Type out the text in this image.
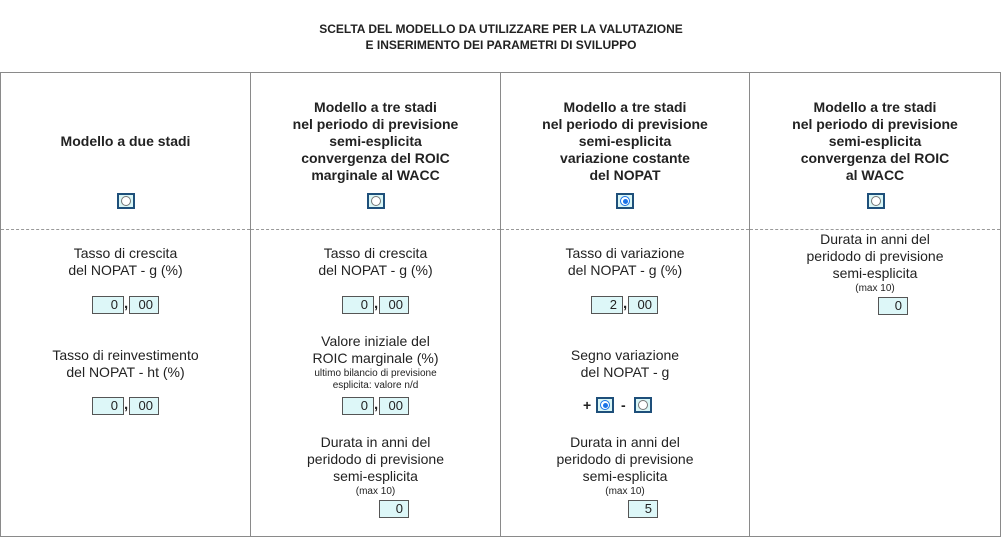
SCELTA DEL MODELLO DA UTILIZZARE PER LA VALUTAZIONE
E INSERIMENTO DEI PARAMETRI DI SVILUPPO
Modello a due stadi
Tasso di crescita
del NOPAT - g (%)
0 , 00
Tasso di reinvestimento
del NOPAT - ht (%)
0 , 00
Modello a tre stadi
nel periodo di previsione
semi-esplicita
convergenza del ROIC
marginale al WACC
Tasso di crescita
del NOPAT - g (%)
0 , 00
Valore iniziale del
ROIC marginale (%)
ultimo bilancio di previsione
esplicita: valore n/d
0 , 00
Durata in anni del
peridodo di previsione
semi-esplicita
(max 10)
0
Modello a tre stadi
nel periodo di previsione
semi-esplicita
variazione costante
del NOPAT
Tasso di variazione
del NOPAT - g (%)
2 , 00
Segno variazione
del NOPAT - g
+ -
Durata in anni del
peridodo di previsione
semi-esplicita
(max 10)
5
Modello a tre stadi
nel periodo di previsione
semi-esplicita
convergenza del ROIC
al WACC
Durata in anni del
peridodo di previsione
semi-esplicita
(max 10)
0
